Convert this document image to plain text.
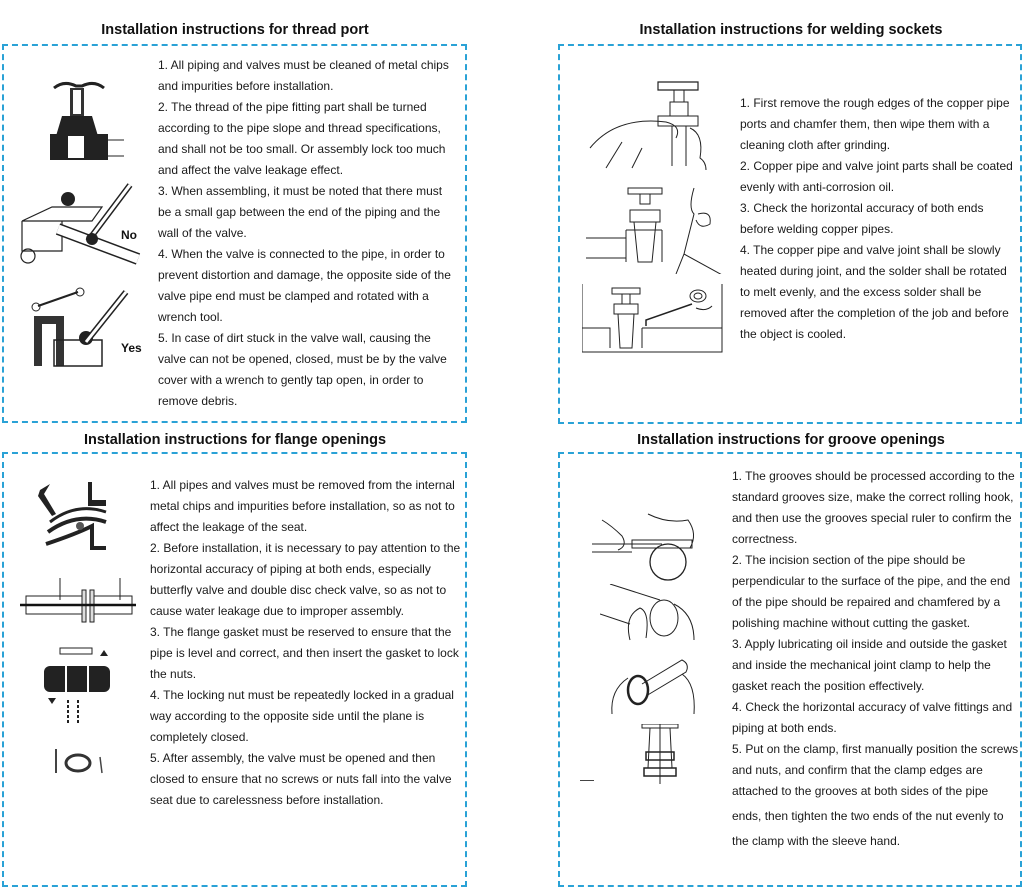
Installation instructions for thread port
No
Yes

1. All piping and valves must be cleaned of metal chips

and impurities before installation.

2. The thread of the pipe fitting part shall be turned

according to the pipe slope and thread specifications,

and shall not be too small. Or assembly lock too much

and affect the valve leakage effect.

3. When assembling, it must be noted that there must

be a small gap between the end of the piping and the

wall of the valve.

4. When the valve is connected to the pipe, in order to

prevent distortion and damage, the opposite side of the

valve pipe end must be clamped and rotated with a

wrench tool.

5. In case of dirt stuck in the valve wall, causing the

valve can not be opened, closed, must be by the valve

cover with a wrench to gently tap open, in order to

remove debris.

Installation instructions for welding sockets

1. First remove the rough edges of the copper pipe

ports and chamfer them, then wipe them with a

cleaning cloth after grinding.

2. Copper pipe and valve joint parts shall be coated

evenly with anti-corrosion oil.

3. Check the horizontal accuracy of both ends

before welding copper pipes.

4. The copper pipe and valve joint shall be slowly

heated during joint, and the solder shall be rotated

to melt evenly, and the excess solder shall be

removed after the completion of the job and before

the object is cooled.

Installation instructions for flange openings

1. All pipes and valves must be removed from the internal

metal chips and impurities before installation, so as not to

affect the leakage of the seat.

2. Before installation, it is necessary to pay attention to the

horizontal accuracy of piping at both ends, especially

butterfly valve and double disc check valve, so as not to

cause water leakage due to improper assembly.

3. The flange gasket must be reserved to ensure that the

pipe is level and correct, and then insert the gasket to lock

the nuts.

4. The locking nut must be repeatedly locked in a gradual

way according to the opposite side until the plane is

completely closed.

5. After assembly, the valve must be opened and then

closed to ensure that no screws or nuts fall into the valve

seat due to carelessness before installation.

Installation instructions for groove openings

1. The grooves should be processed according to the

standard grooves size, make the correct rolling hook,

and then use the grooves special ruler to confirm the

correctness.

2. The incision section of the pipe should be

perpendicular to the surface of the pipe, and the end

of the pipe should be repaired and chamfered by a

polishing machine without cutting the gasket.

3. Apply lubricating oil inside and outside the gasket

and inside the mechanical joint clamp to help the

gasket reach the position effectively.

4. Check the horizontal accuracy of valve fittings and

piping at both ends.

5. Put on the clamp, first manually position the screws

and nuts, and confirm that the clamp edges are

attached to the grooves at both sides of the pipe

ends, then tighten the two ends of the nut evenly to

the clamp with the sleeve hand.
